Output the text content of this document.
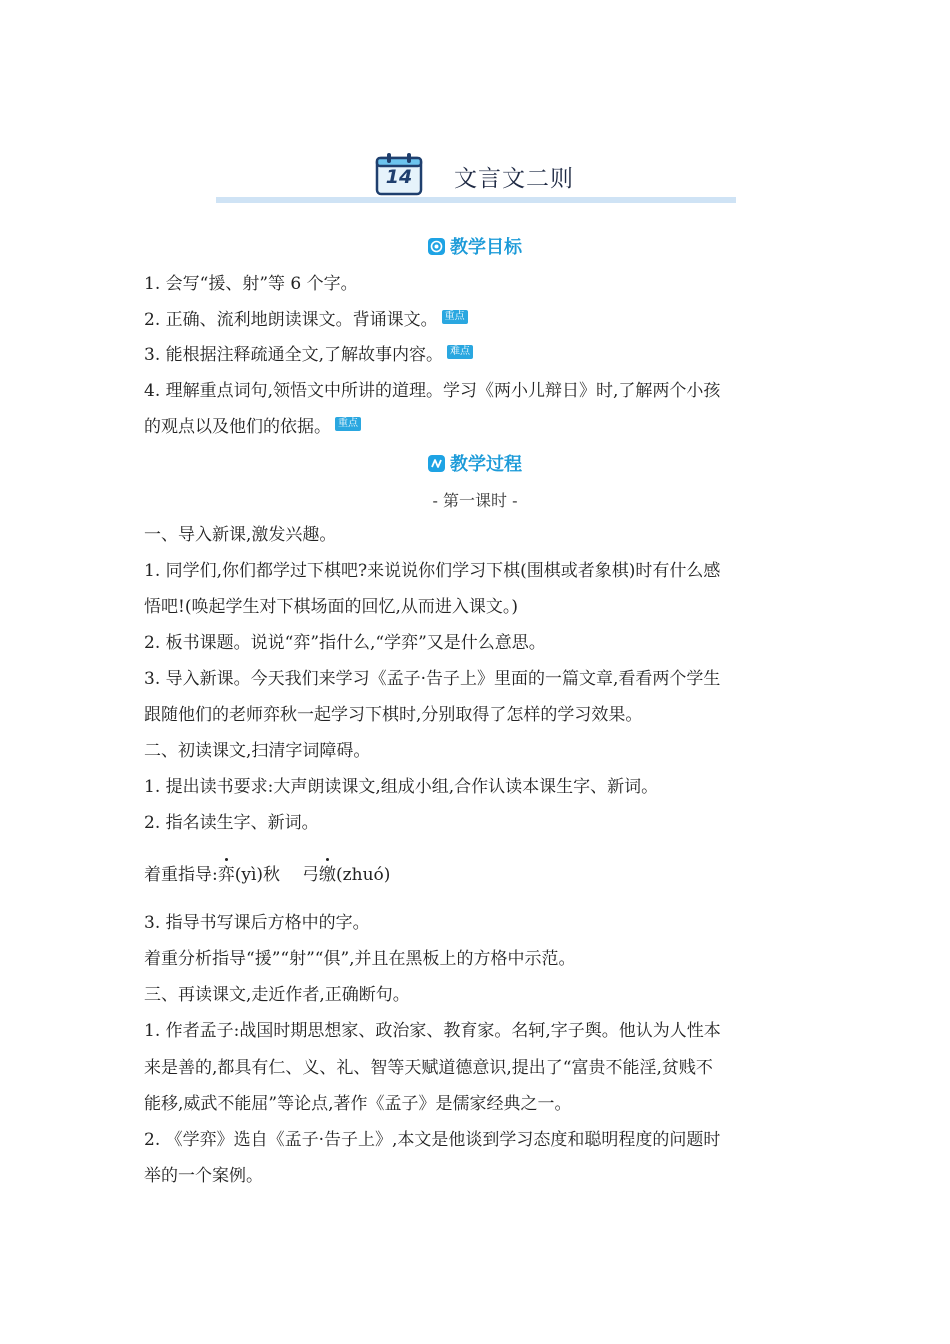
14 文言文二则
教学目标
1. 会写“援、射”等 6 个字。
2. 正确、流利地朗读课文。背诵课文。 重点
3. 能根据注释疏通全文,了解故事内容。 难点
4. 理解重点词句,领悟文中所讲的道理。学习《两小儿辩日》时,了解两个小孩
的观点以及他们的依据。 重点
教学过程
- 第一课时 -
一、导入新课,激发兴趣。
1. 同学们,你们都学过下棋吧?来说说你们学习下棋(围棋或者象棋)时有什么感
悟吧!(唤起学生对下棋场面的回忆,从而进入课文。)
2. 板书课题。说说“弈”指什么,“学弈”又是什么意思。
3. 导入新课。今天我们来学习《孟子·告子上》里面的一篇文章,看看两个学生
跟随他们的老师弈秋一起学习下棋时,分别取得了怎样的学习效果。
二、初读课文,扫清字词障碍。
1. 提出读书要求:大声朗读课文,组成小组,合作认读本课生字、新词。
2. 指名读生字、新词。
着重指导:弈(yì)秋 弓缴(zhuó)
3. 指导书写课后方格中的字。
着重分析指导“援”“射”“俱”,并且在黑板上的方格中示范。
三、再读课文,走近作者,正确断句。
1. 作者孟子:战国时期思想家、政治家、教育家。名轲,字子舆。他认为人性本
来是善的,都具有仁、义、礼、智等天赋道德意识,提出了“富贵不能淫,贫贱不
能移,威武不能屈”等论点,著作《孟子》是儒家经典之一。
2. 《学弈》选自《孟子·告子上》,本文是他谈到学习态度和聪明程度的问题时
举的一个案例。
